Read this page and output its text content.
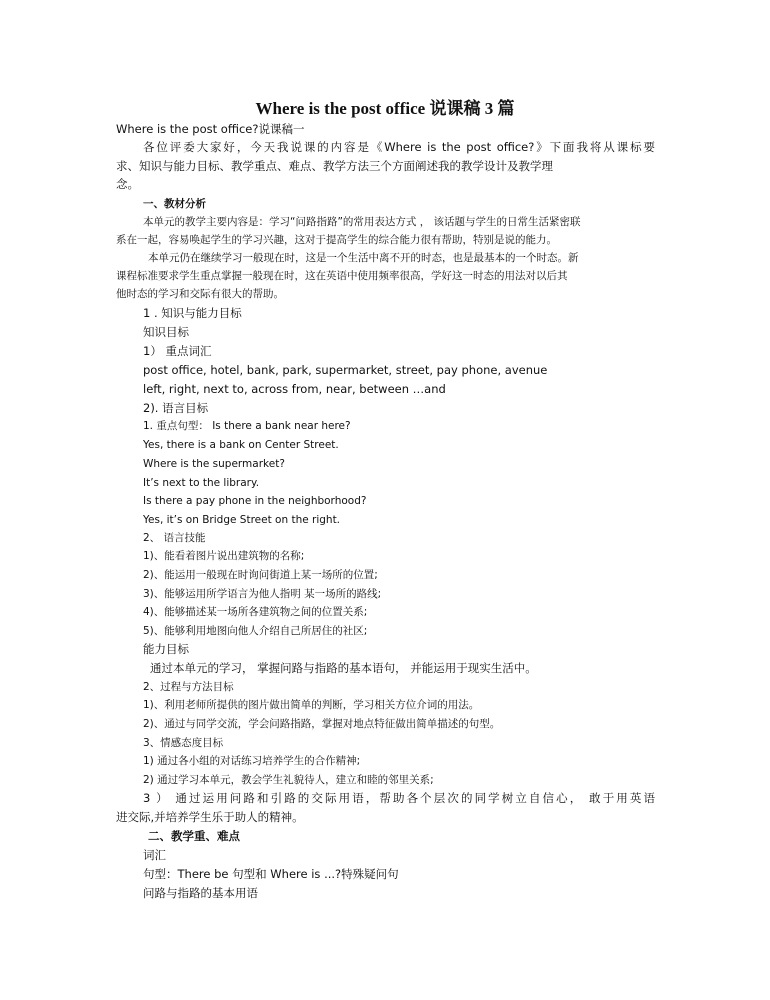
Where is the post office 说课稿 3 篇
Where is the post office?说课稿一
各位评委大家好，今天我说课的内容是《Where is the post office?》下面我将从课标要
求、知识与能力目标、教学重点、难点、教学方法三个方面阐述我的教学设计及教学理
念。
一、教材分析
本单元的教学主要内容是：学习“问路指路”的常用表达方式 ， 该话题与学生的日常生活紧密联
系在一起，容易唤起学生的学习兴趣，这对于提高学生的综合能力很有帮助，特别是说的能力。
本单元仍在继续学习一般现在时，这是一个生活中离不开的时态，也是最基本的一个时态。新
课程标准要求学生重点掌握一般现在时，这在英语中使用频率很高，学好这一时态的用法对以后其
他时态的学习和交际有很大的帮助。
1 . 知识与能力目标
知识目标
1） 重点词汇
post office, hotel, bank, park, supermarket, street, pay phone, avenue
left, right, next to, across from, near, between …and
2). 语言目标
1. 重点句型： Is there a bank near here?
Yes, there is a bank on Center Street.
Where is the supermarket?
It’s next to the library.
Is there a pay phone in the neighborhood?
Yes, it’s on Bridge Street on the right.
2、 语言技能
1)、能看着图片说出建筑物的名称;
2)、能运用一般现在时询问街道上某一场所的位置;
3)、能够运用所学语言为他人指明 某一场所的路线;
4)、能够描述某一场所各建筑物之间的位置关系;
5)、能够利用地图向他人介绍自己所居住的社区;
能力目标
通过本单元的学习， 掌握问路与指路的基本语句， 并能运用于现实生活中。
2、过程与方法目标
1)、利用老师所提供的图片做出简单的判断，学习相关方位介词的用法。
2)、通过与同学交流，学会问路指路，掌握对地点特征做出简单描述的句型。
3、情感态度目标
1) 通过各小组的对话练习培养学生的合作精神;
2) 通过学习本单元，教会学生礼貌待人，建立和睦的邻里关系;
3 ） 通过运用问路和引路的交际用语，帮助各个层次的同学树立自信心， 敢于用英语
进交际,并培养学生乐于助人的精神。
二、教学重、难点
词汇
句型：There be 句型和 Where is ...?特殊疑问句
问路与指路的基本用语
